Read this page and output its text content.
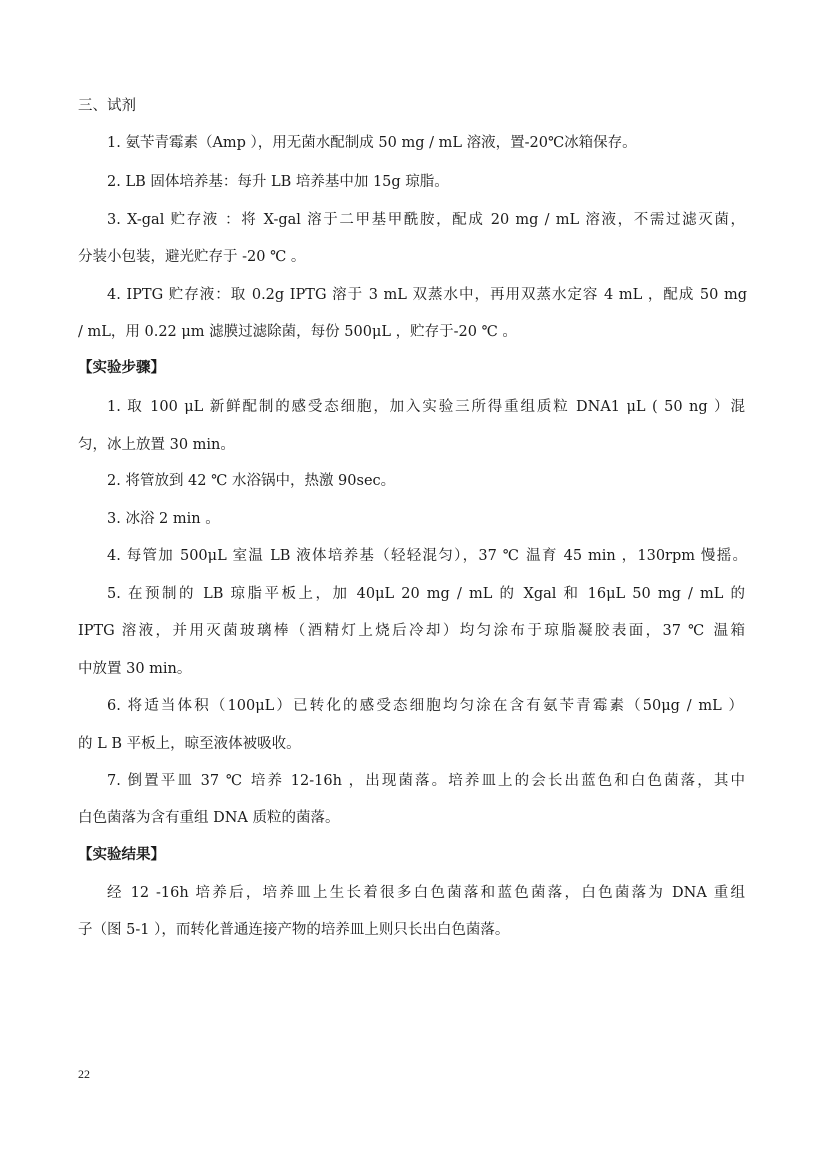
三、试剂
1. 氨苄青霉素（Amp ），用无菌水配制成 50 mg / mL 溶液，置-20℃冰箱保存。
2. LB 固体培养基：每升 LB 培养基中加 15g 琼脂。
3. X-gal 贮存液 ：将 X-gal 溶于二甲基甲酰胺，配成 20 mg / mL 溶液，不需过滤灭菌，
分装小包装，避光贮存于 -20 ℃ 。
4. IPTG 贮存液：取 0.2g IPTG 溶于 3 mL 双蒸水中，再用双蒸水定容 4 mL ，配成 50 mg
/ mL，用 0.22 μm 滤膜过滤除菌，每份 500μL ，贮存于-20 ℃ 。
【实验步骤】
1. 取 100 μL 新鲜配制的感受态细胞，加入实验三所得重组质粒 DNA1 μL ( 50 ng ）混
匀，冰上放置 30 min。
2. 将管放到 42 ℃ 水浴锅中，热激 90sec。
3. 冰浴 2 min 。
4. 每管加 500μL 室温 LB 液体培养基（轻轻混匀），37 ℃ 温育 45 min ，130rpm 慢摇。
5. 在预制的 LB 琼脂平板上，加 40μL 20 mg / mL 的 Xgal 和 16μL 50 mg / mL 的
IPTG 溶液，并用灭菌玻璃棒（酒精灯上烧后冷却）均匀涂布于琼脂凝胶表面，37 ℃ 温箱
中放置 30 min。
6. 将适当体积（100μL）已转化的感受态细胞均匀涂在含有氨苄青霉素（50μg / mL ）
的 L B 平板上，晾至液体被吸收。
7. 倒置平皿 37 ℃ 培养 12-16h ，出现菌落。培养皿上的会长出蓝色和白色菌落，其中
白色菌落为含有重组 DNA 质粒的菌落。
【实验结果】
经 12 -16h 培养后，培养皿上生长着很多白色菌落和蓝色菌落，白色菌落为 DNA 重组
子（图 5-1 ），而转化普通连接产物的培养皿上则只长出白色菌落。
22
